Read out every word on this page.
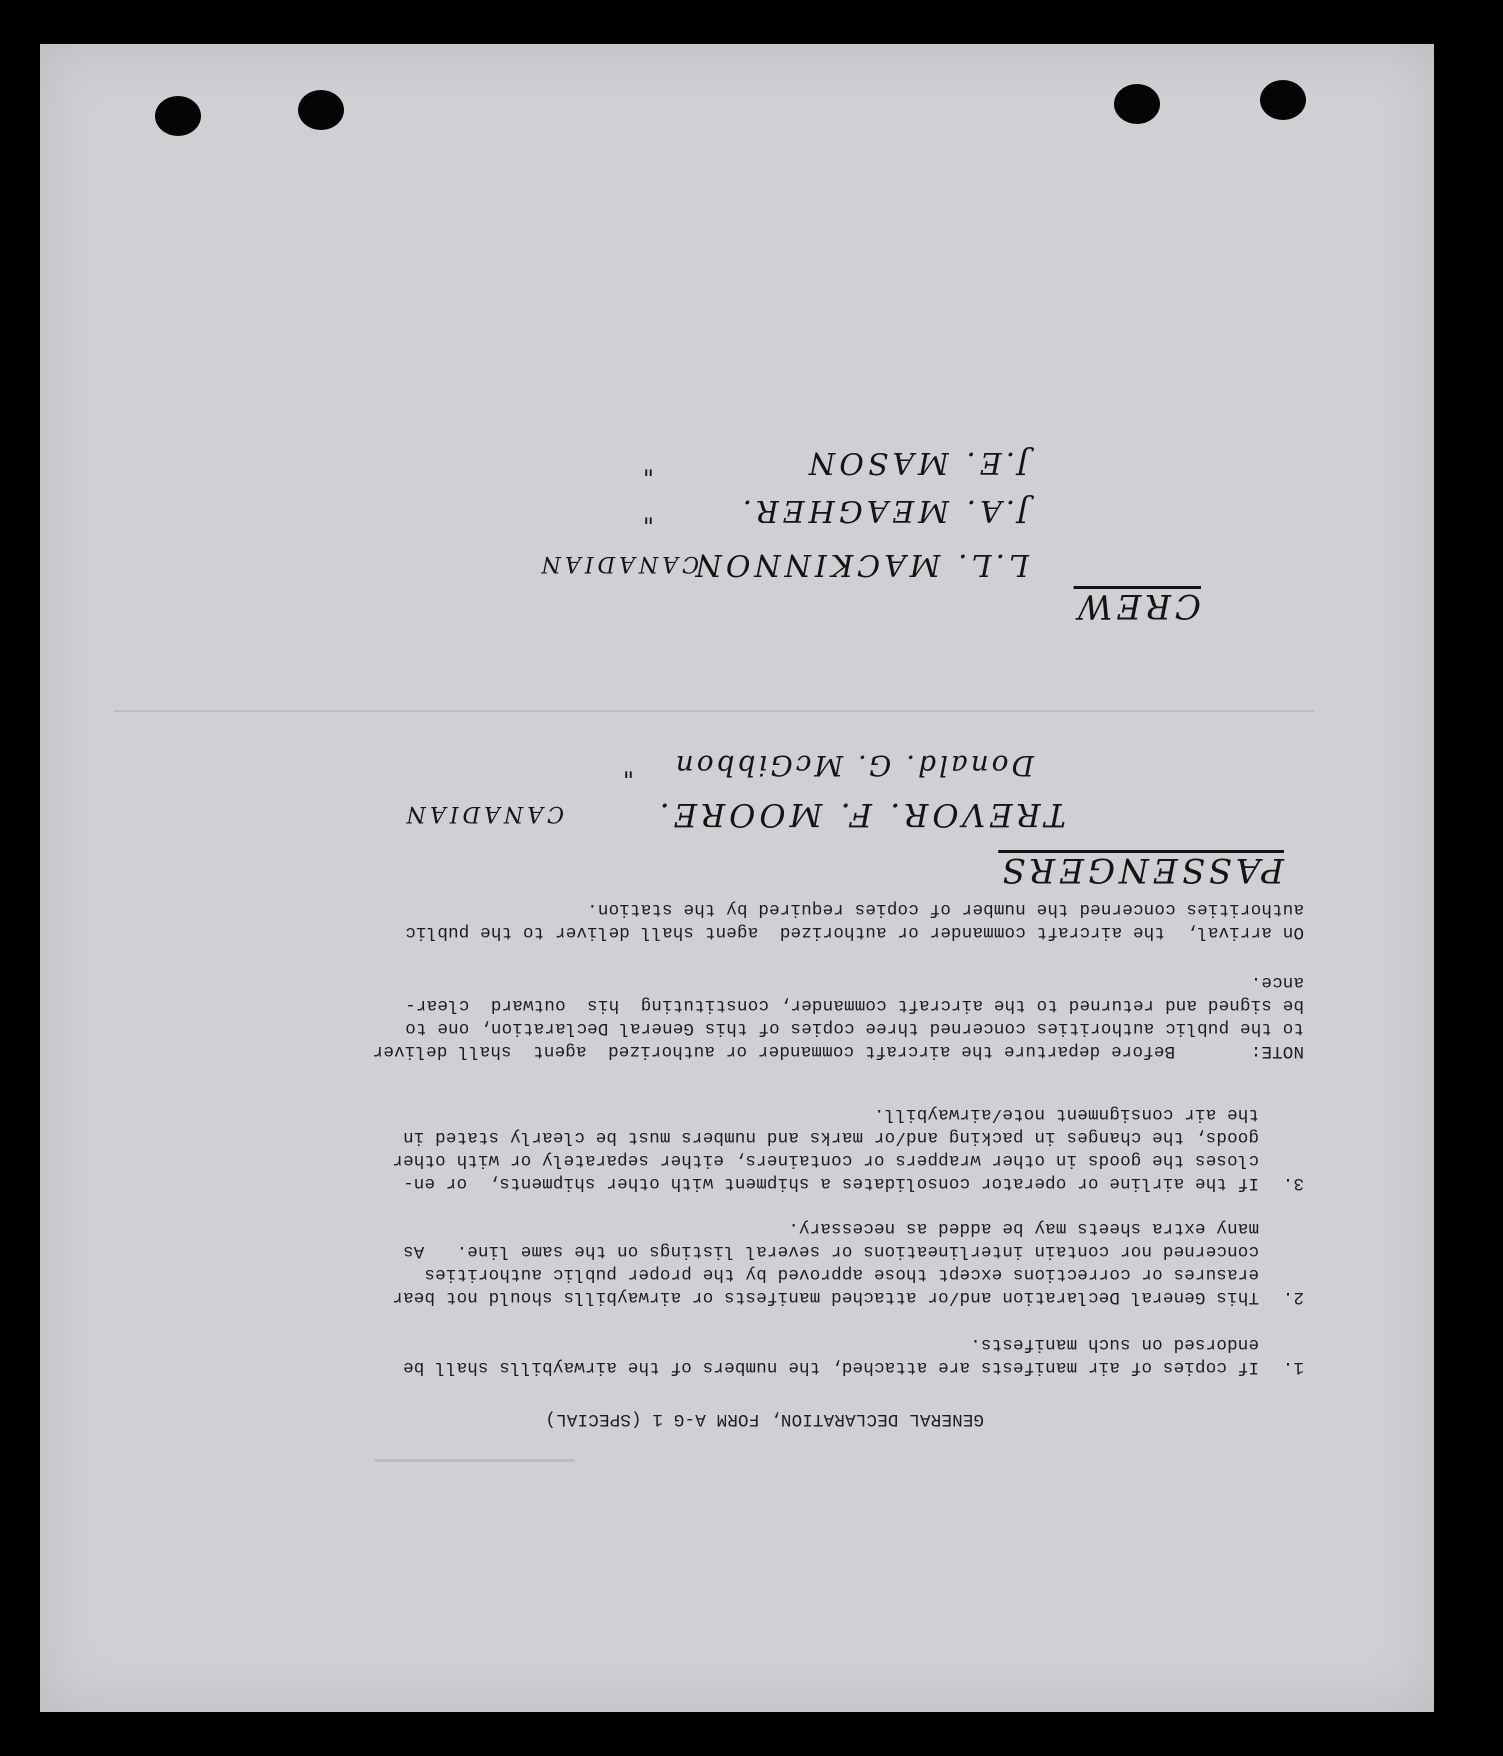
GENERAL DECLARATION, FORM A-G 1 (SPECIAL)
1.
If copies of air manifests are attached, the numbers of the airwaybills shall be
endorsed on such manifests.
2.
This General Declaration and/or attached manifests or airwaybills should not bear
erasures or corrections except those approved by the proper public authorities
concerned nor contain interlineations or several listings on the same line.   As
many extra sheets may be added as necessary.
3.
If the airline or operator consolidates a shipment with other shipments,  or en-
closes the goods in other wrappers or containers, either separately or with other
goods, the changes in packing and/or marks and numbers must be clearly stated in
the air consignment note/airwaybill.
NOTE:
Before departure the aircraft commander or authorized  agent  shall deliver
to the public authorities concerned three copies of this General Declaration, one to
be signed and returned to the aircraft commander, constituting  his  outward  clear-
ance.
On arrival,  the aircraft commander or authorized  agent shall deliver to the public
authorities concerned the number of copies required by the station.
PASSENGERS
TREVOR. F. MOORE.
CANADIAN
Donald. G. McGibbon
"
CREW
L.L. MACKINNON
CANADIAN
J.A. MEAGHER.
"
J.E. MASON
"
